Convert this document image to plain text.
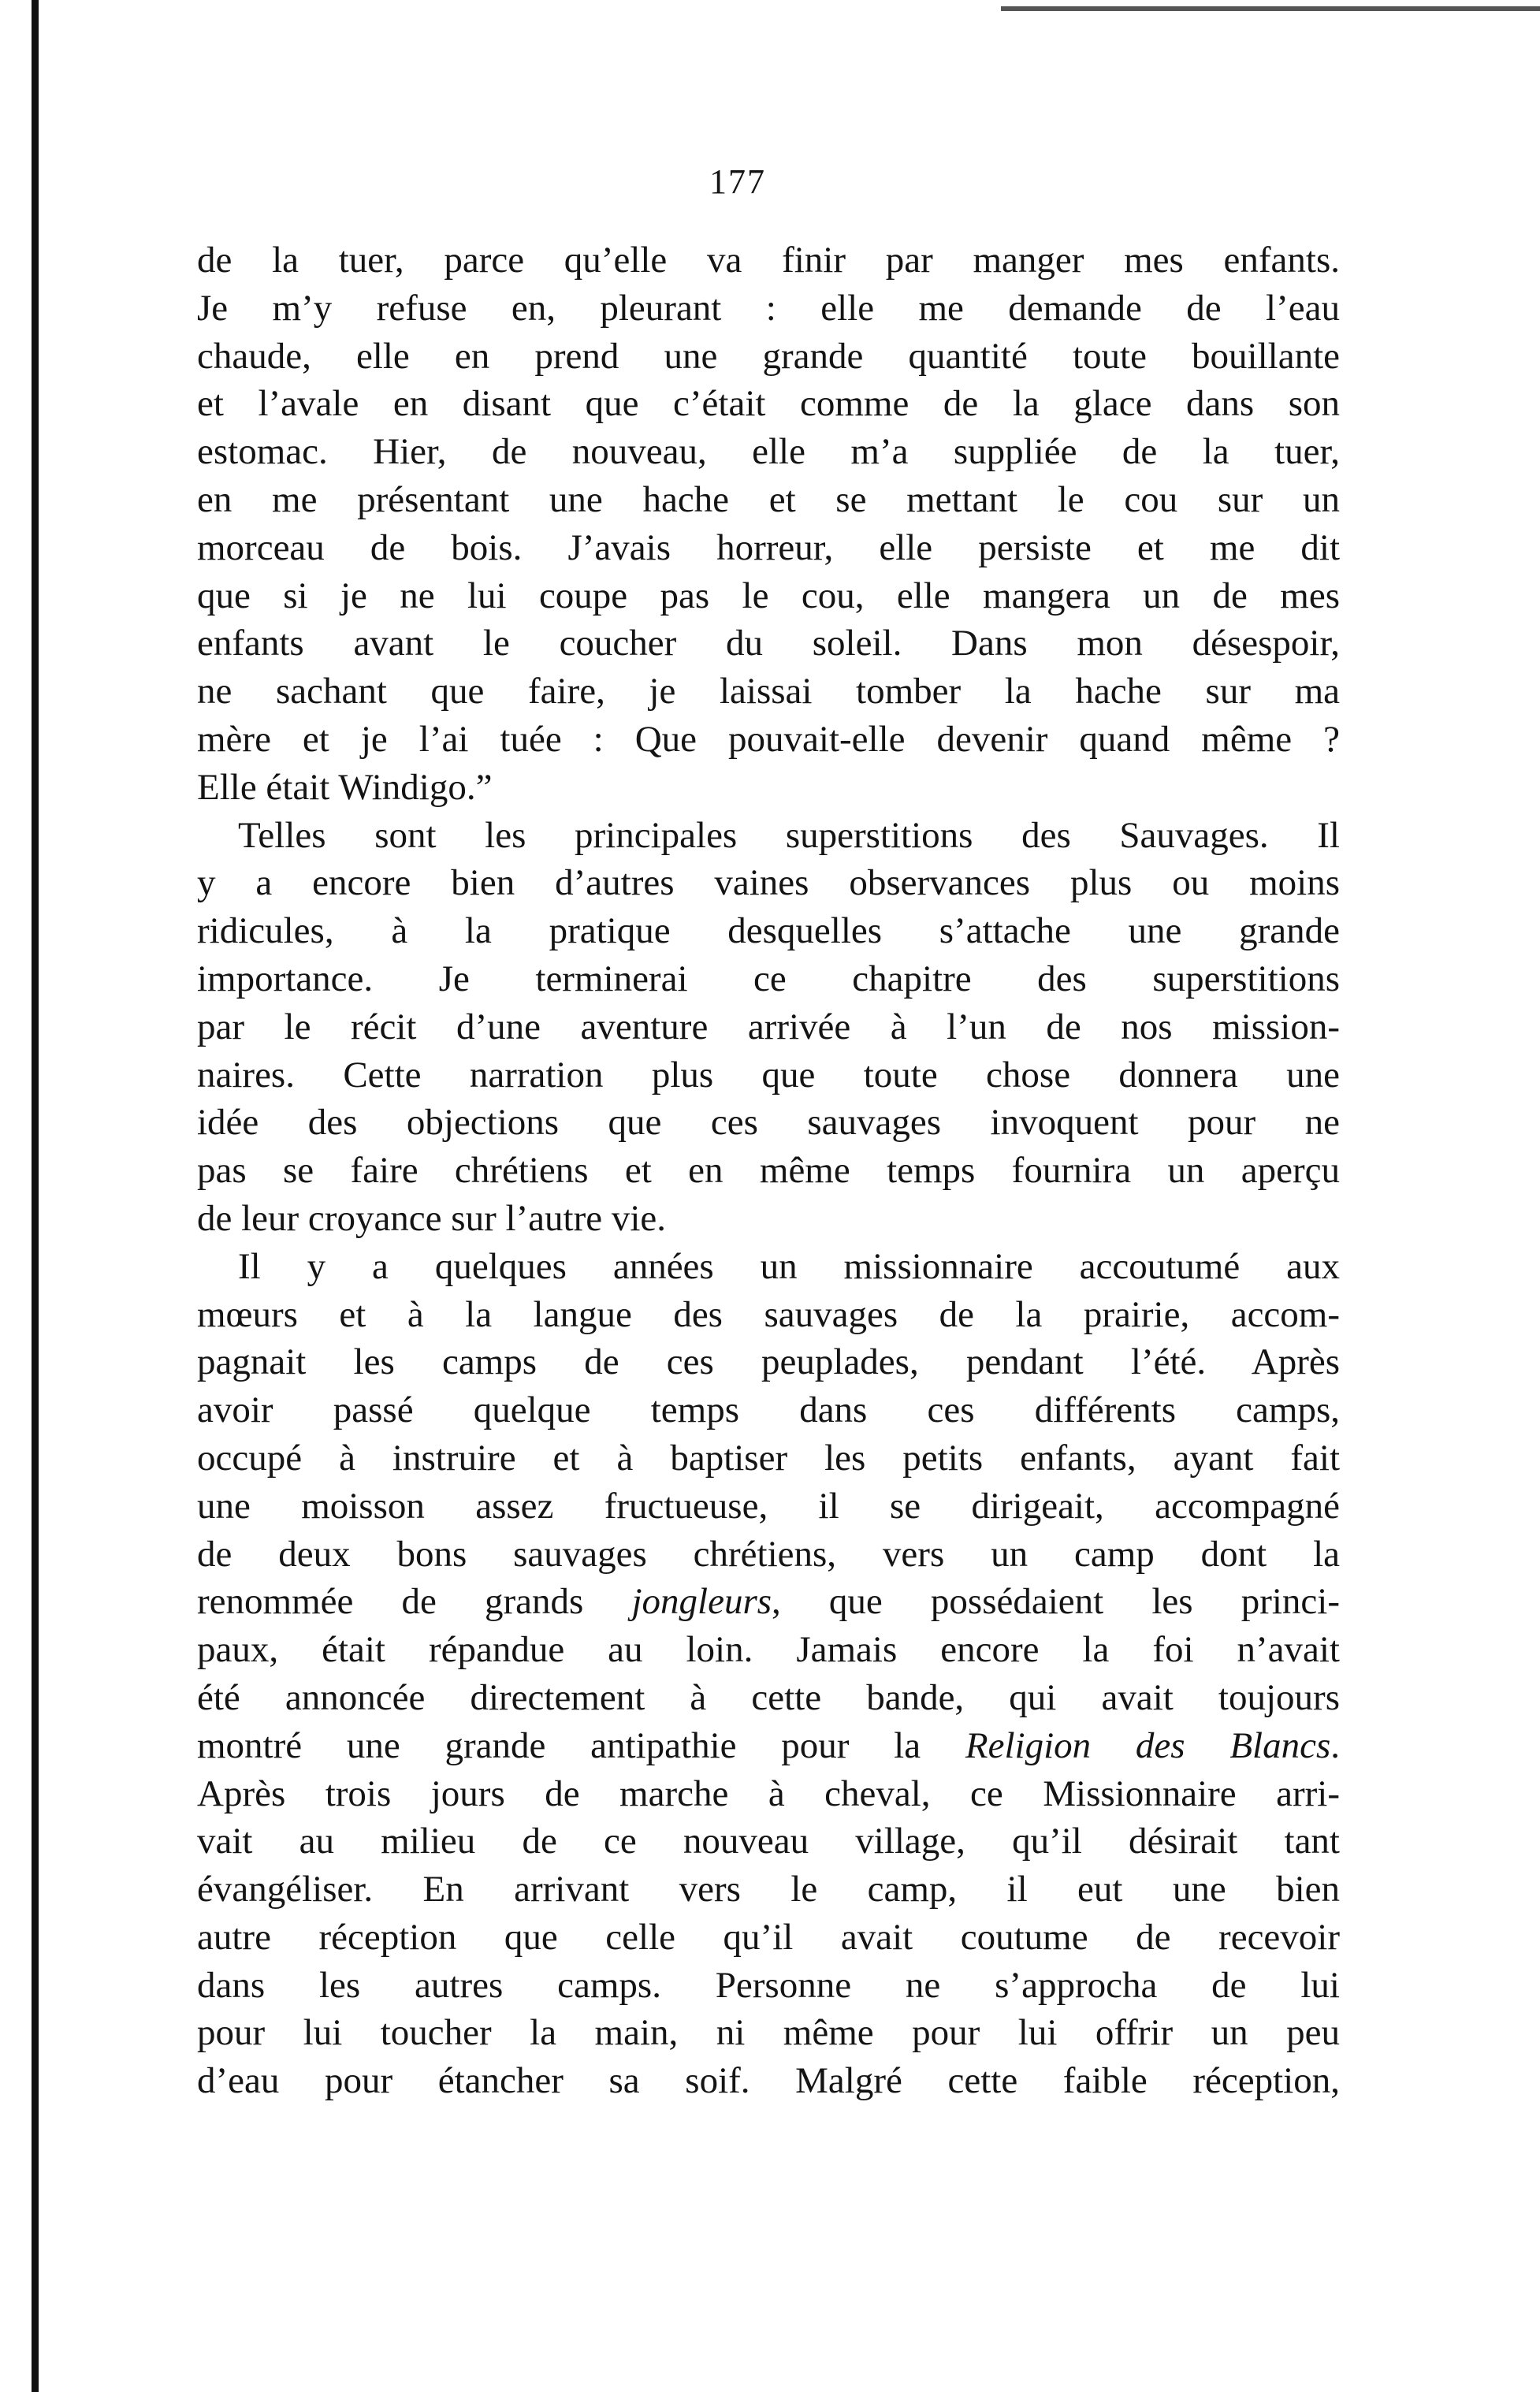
177
de la tuer, parce qu’elle va finir par manger mes enfants.
Je m’y refuse en, pleurant : elle me demande de l’eau
chaude, elle en prend une grande quantité toute bouillante
et l’avale en disant que c’était comme de la glace dans son
estomac. Hier, de nouveau, elle m’a suppliée de la tuer,
en me présentant une hache et se mettant le cou sur un
morceau de bois. J’avais horreur, elle persiste et me dit
que si je ne lui coupe pas le cou, elle mangera un de mes
enfants avant le coucher du soleil. Dans mon désespoir,
ne sachant que faire, je laissai tomber la hache sur ma
mère et je l’ai tuée : Que pouvait-elle devenir quand même ?
Elle était Windigo.”
Telles sont les principales superstitions des Sauvages. Il
y a encore bien d’autres vaines observances plus ou moins
ridicules, à la pratique desquelles s’attache une grande
importance. Je terminerai ce chapitre des superstitions
par le récit d’une aventure arrivée à l’un de nos mission-
naires. Cette narration plus que toute chose donnera une
idée des objections que ces sauvages invoquent pour ne
pas se faire chrétiens et en même temps fournira un aperçu
de leur croyance sur l’autre vie.
Il y a quelques années un missionnaire accoutumé aux
mœurs et à la langue des sauvages de la prairie, accom-
pagnait les camps de ces peuplades, pendant l’été. Après
avoir passé quelque temps dans ces différents camps,
occupé à instruire et à baptiser les petits enfants, ayant fait
une moisson assez fructueuse, il se dirigeait, accompagné
de deux bons sauvages chrétiens, vers un camp dont la
renommée de grands jongleurs, que possédaient les princi-
paux, était répandue au loin. Jamais encore la foi n’avait
été annoncée directement à cette bande, qui avait toujours
montré une grande antipathie pour la Religion des Blancs.
Après trois jours de marche à cheval, ce Missionnaire arri-
vait au milieu de ce nouveau village, qu’il désirait tant
évangéliser. En arrivant vers le camp, il eut une bien
autre réception que celle qu’il avait coutume de recevoir
dans les autres camps. Personne ne s’approcha de lui
pour lui toucher la main, ni même pour lui offrir un peu
d’eau pour étancher sa soif. Malgré cette faible réception,
